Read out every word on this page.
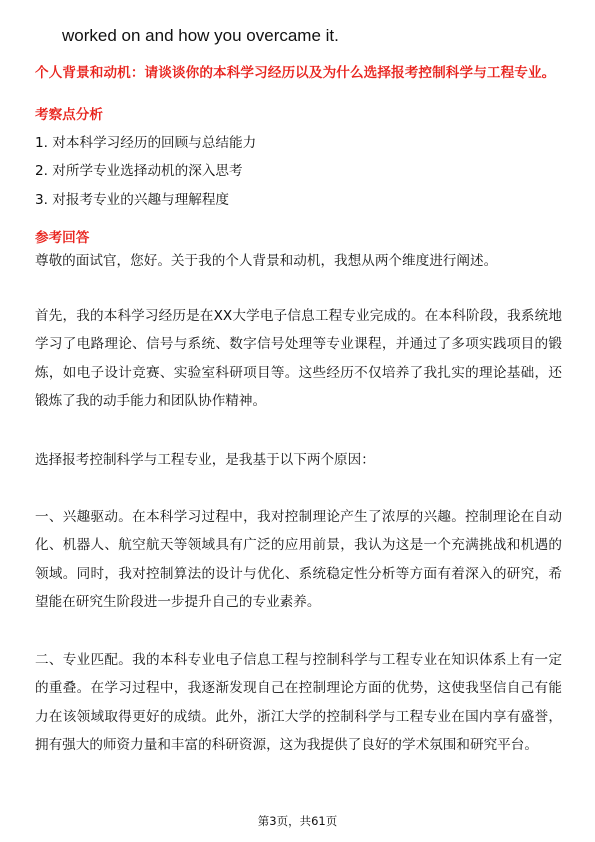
worked on and how you overcame it.
个人背景和动机：请谈谈你的本科学习经历以及为什么选择报考控制科学与工程专业。
考察点分析
1. 对本科学习经历的回顾与总结能力
2. 对所学专业选择动机的深入思考
3. 对报考专业的兴趣与理解程度
参考回答

尊敬的面试官，您好。关于我的个人背景和动机，我想从两个维度进行阐述。

首先，我的本科学习经历是在XX大学电子信息工程专业完成的。在本科阶段，我系统地学习了电路理论、信号与系统、数字信号处理等专业课程，并通过了多项实践项目的锻炼，如电子设计竞赛、实验室科研项目等。这些经历不仅培养了我扎实的理论基础，还锻炼了我的动手能力和团队协作精神。

选择报考控制科学与工程专业，是我基于以下两个原因：

一、兴趣驱动。在本科学习过程中，我对控制理论产生了浓厚的兴趣。控制理论在自动化、机器人、航空航天等领域具有广泛的应用前景，我认为这是一个充满挑战和机遇的领域。同时，我对控制算法的设计与优化、系统稳定性分析等方面有着深入的研究，希望能在研究生阶段进一步提升自己的专业素养。

二、专业匹配。我的本科专业电子信息工程与控制科学与工程专业在知识体系上有一定的重叠。在学习过程中，我逐渐发现自己在控制理论方面的优势，这使我坚信自己有能力在该领域取得更好的成绩。此外，浙江大学的控制科学与工程专业在国内享有盛誉，拥有强大的师资力量和丰富的科研资源，这为我提供了良好的学术氛围和研究平台。

第3页，共61页
